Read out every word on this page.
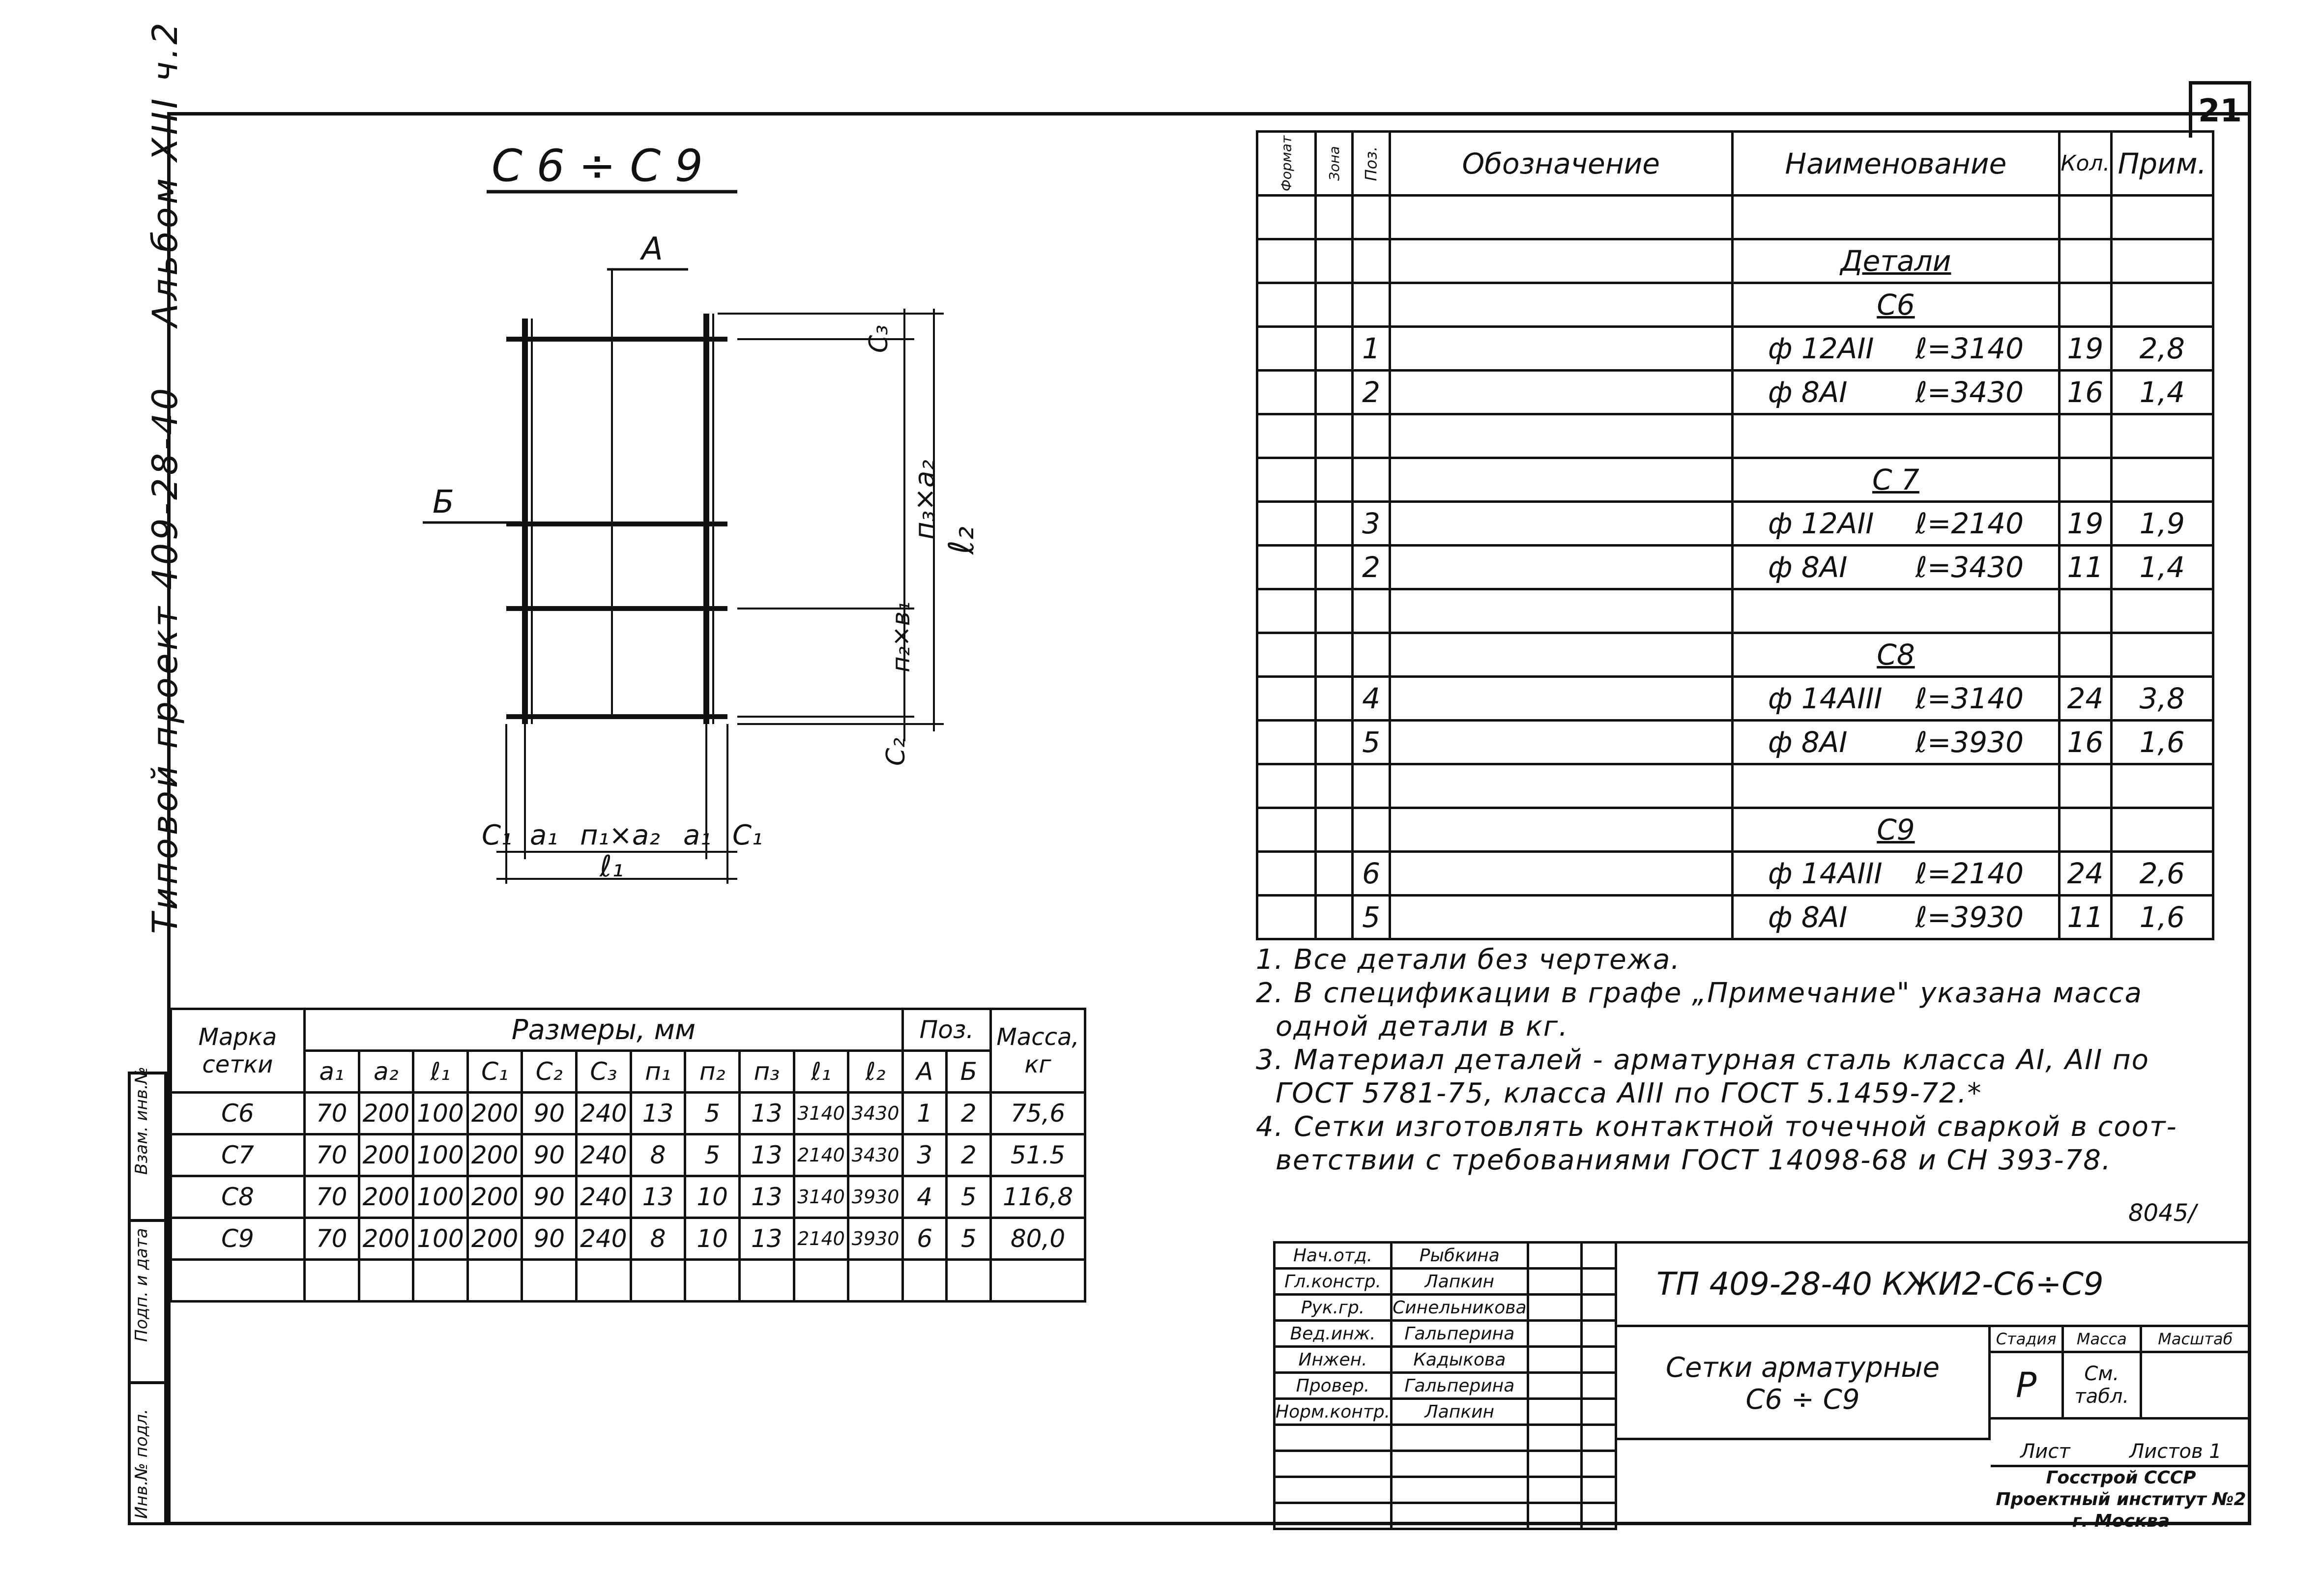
21
Типовой проект 409-28-40 Альбом XIII ч.2
Взам. инв.№
Подп. и дата
Инв.№ подл.
С 6 ÷ С 9
А
Б
С₃
п₃×а₂
ℓ₂
п₂×в₁
С₂
С₁ а₁ п₁×а₂ а₁ С₁
ℓ₁
Формат	Зона	Поз.	Обозначение	Наименование	Кол.	Прим.

				Детали		
				С6		
		1		ф 12АII ℓ=3140	19	2,8
		2		ф 8АI ℓ=3430	16	1,4

				С 7		
		3		ф 12АII ℓ=2140	19	1,9
		2		ф 8АI ℓ=3430	11	1,4

				С8		
		4		ф 14АIII ℓ=3140	24	3,8
		5		ф 8АI ℓ=3930	16	1,6

				С9		
		6		ф 14АIII ℓ=2140	24	2,6
		5		ф 8АI ℓ=3930	11	1,6
Марка сетки	Размеры, мм											Поз.		Масса, кг
	а₁	а₂	ℓ₁	С₁	С₂	С₃	п₁	п₂	п₃	ℓ₁	ℓ₂	А	Б	
С6	70	200	100	200	90	240	13	5	13	3140	3430	1	2	75,6
С7	70	200	100	200	90	240	8	5	13	2140	3430	3	2	51.5
С8	70	200	100	200	90	240	13	10	13	3140	3930	4	5	116,8
С9	70	200	100	200	90	240	8	10	13	2140	3930	6	5	80,0

1. Все детали без чертежа.
2. В спецификации в графе „Примечание" указана масса
одной детали в кг.
3. Материал деталей - арматурная сталь класса АI, АII по
ГОСТ 5781-75, класса АIII по ГОСТ 5.1459-72.*
4. Сетки изготовлять контактной точечной сваркой в соот-
ветствии с требованиями ГОСТ 14098-68 и СН 393-78.
8045/
Нач.отд.	Рыбкина		
Гл.констр.	Лапкин		
Рук.гр.	Синельникова		
Вед.инж.	Гальперина		
Инжен.	Кадыкова		
Провер.	Гальперина		
Норм.контр.	Лапкин		

ТП 409-28-40 КЖИ2-С6÷С9
Сетки арматурные
С6 ÷ С9
Стадия	Масса	Масштаб
Р	См.
табл.	

Лист	Листов 1
Госстрой СССР
Проектный институт №2
г. Москва
